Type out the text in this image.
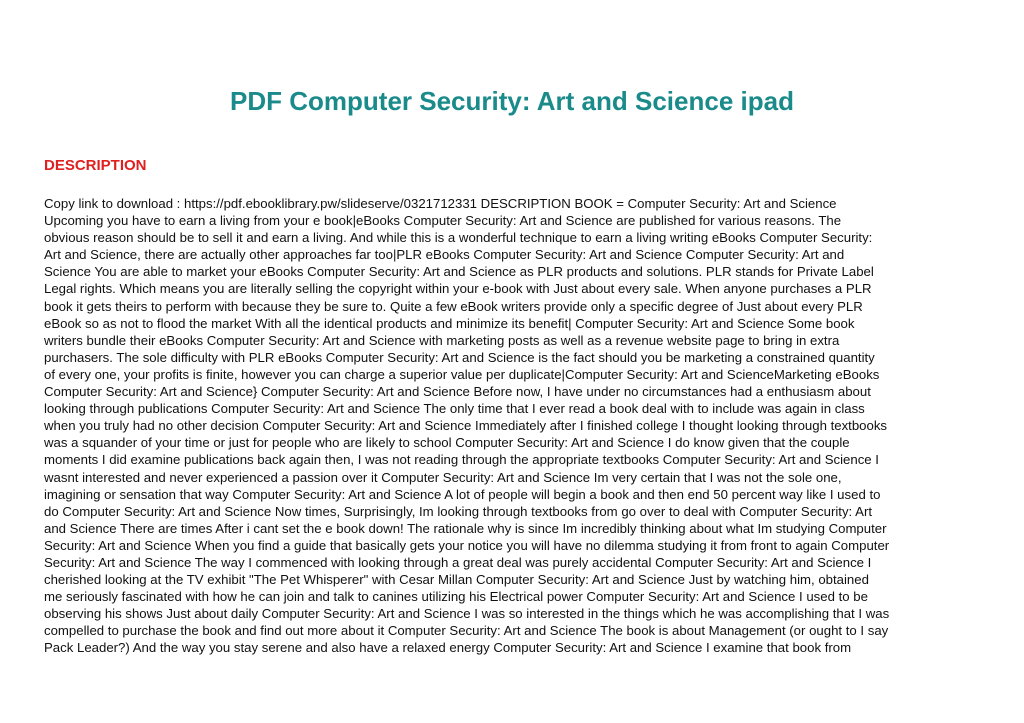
PDF Computer Security: Art and Science ipad
DESCRIPTION
Copy link to download : https://pdf.ebooklibrary.pw/slideserve/0321712331 DESCRIPTION BOOK = Computer Security: Art and Science
Upcoming you have to earn a living from your e book|eBooks Computer Security: Art and Science are published for various reasons. The
obvious reason should be to sell it and earn a living. And while this is a wonderful technique to earn a living writing eBooks Computer Security:
Art and Science, there are actually other approaches far too|PLR eBooks Computer Security: Art and Science Computer Security: Art and
Science You are able to market your eBooks Computer Security: Art and Science as PLR products and solutions. PLR stands for Private Label
Legal rights. Which means you are literally selling the copyright within your e-book with Just about every sale. When anyone purchases a PLR
book it gets theirs to perform with because they be sure to. Quite a few eBook writers provide only a specific degree of Just about every PLR
eBook so as not to flood the market With all the identical products and minimize its benefit| Computer Security: Art and Science Some book
writers bundle their eBooks Computer Security: Art and Science with marketing posts as well as a revenue website page to bring in extra
purchasers. The sole difficulty with PLR eBooks Computer Security: Art and Science is the fact should you be marketing a constrained quantity
of every one, your profits is finite, however you can charge a superior value per duplicate|Computer Security: Art and ScienceMarketing eBooks
Computer Security: Art and Science} Computer Security: Art and Science Before now, I have under no circumstances had a enthusiasm about
looking through publications Computer Security: Art and Science The only time that I ever read a book deal with to include was again in class
when you truly had no other decision Computer Security: Art and Science Immediately after I finished college I thought looking through textbooks
was a squander of your time or just for people who are likely to school Computer Security: Art and Science I do know given that the couple
moments I did examine publications back again then, I was not reading through the appropriate textbooks Computer Security: Art and Science I
wasnt interested and never experienced a passion over it Computer Security: Art and Science Im very certain that I was not the sole one,
imagining or sensation that way Computer Security: Art and Science A lot of people will begin a book and then end 50 percent way like I used to
do Computer Security: Art and Science Now times, Surprisingly, Im looking through textbooks from go over to deal with Computer Security: Art
and Science There are times After i cant set the e book down! The rationale why is since Im incredibly thinking about what Im studying Computer
Security: Art and Science When you find a guide that basically gets your notice you will have no dilemma studying it from front to again Computer
Security: Art and Science The way I commenced with looking through a great deal was purely accidental Computer Security: Art and Science I
cherished looking at the TV exhibit "The Pet Whisperer" with Cesar Millan Computer Security: Art and Science Just by watching him, obtained
me seriously fascinated with how he can join and talk to canines utilizing his Electrical power Computer Security: Art and Science I used to be
observing his shows Just about daily Computer Security: Art and Science I was so interested in the things which he was accomplishing that I was
compelled to purchase the book and find out more about it Computer Security: Art and Science The book is about Management (or ought to I say
Pack Leader?) And the way you stay serene and also have a relaxed energy Computer Security: Art and Science I examine that book from
